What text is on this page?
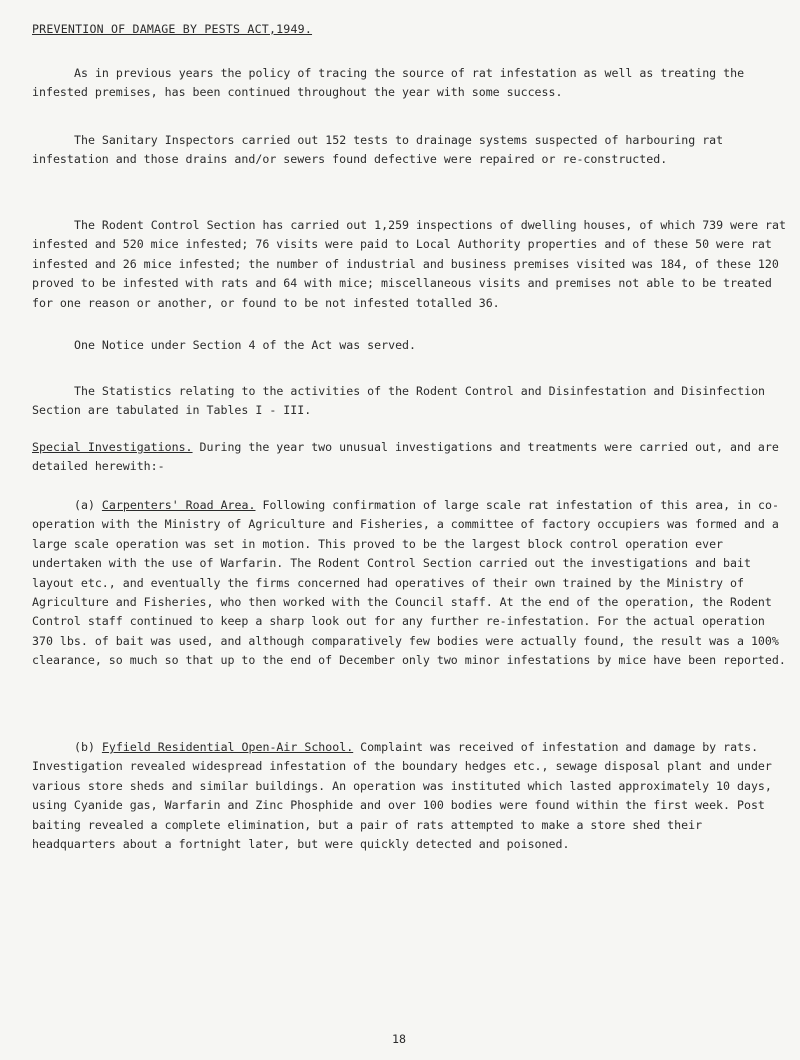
PREVENTION OF DAMAGE BY PESTS ACT,1949.

As in previous years the policy of tracing the source of rat infestation as well as treating the infested premises, has been continued throughout the year with some success.

The Sanitary Inspectors carried out 152 tests to drainage systems suspected of harbouring rat infestation and those drains and/or sewers found defective were repaired or re-constructed.

The Rodent Control Section has carried out 1,259 inspections of dwelling houses, of which 739 were rat infested and 520 mice infested; 76 visits were paid to Local Authority properties and of these 50 were rat infested and 26 mice infested; the number of industrial and business premises visited was 184, of these 120 proved to be infested with rats and 64 with mice; miscellaneous visits and premises not able to be treated for one reason or another, or found to be not infested totalled 36.

One Notice under Section 4 of the Act was served.

The Statistics relating to the activities of the Rodent Control and Disinfestation and Disinfection Section are tabulated in Tables I - III.

Special Investigations. During the year two unusual investigations and treatments were carried out, and are detailed herewith:-

(a) Carpenters' Road Area. Following confirmation of large scale rat infestation of this area, in co-operation with the Ministry of Agriculture and Fisheries, a committee of factory occupiers was formed and a large scale operation was set in motion. This proved to be the largest block control operation ever undertaken with the use of Warfarin. The Rodent Control Section carried out the investigations and bait layout etc., and eventually the firms concerned had operatives of their own trained by the Ministry of Agriculture and Fisheries, who then worked with the Council staff. At the end of the operation, the Rodent Control staff continued to keep a sharp look out for any further re-infestation. For the actual operation 370 lbs. of bait was used, and although comparatively few bodies were actually found, the result was a 100% clearance, so much so that up to the end of December only two minor infestations by mice have been reported.

(b) Fyfield Residential Open-Air School. Complaint was received of infestation and damage by rats. Investigation revealed widespread infestation of the boundary hedges etc., sewage disposal plant and under various store sheds and similar buildings. An operation was instituted which lasted approximately 10 days, using Cyanide gas, Warfarin and Zinc Phosphide and over 100 bodies were found within the first week. Post baiting revealed a complete elimination, but a pair of rats attempted to make a store shed their headquarters about a fortnight later, but were quickly detected and poisoned.

18
